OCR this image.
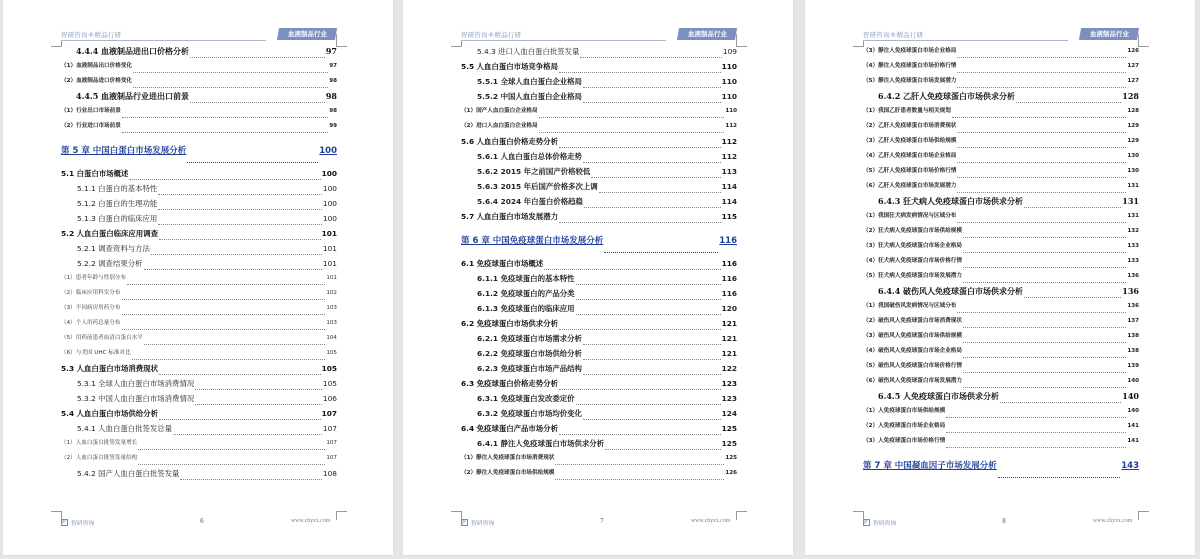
智研咨询®精品行研	血液制品行业
4.4.4 血液制品进出口价格分析	97
（1）血液制品出口价格变化	97
（2）血液制品进口价格变化	98
4.4.5 血液制品行业进出口前景	98
（1）行业出口市场前景	98
（2）行业进口市场前景	99
第 5 章 中国白蛋白市场发展分析	100
5.1 白蛋白市场概述	100
5.1.1 白蛋白的基本特性	100
5.1.2 白蛋白的生理功能	100
5.1.3 白蛋白的临床应用	100
5.2 人血白蛋白临床应用调查	101
5.2.1 调查资料与方法	101
5.2.2 调查结果分析	101
（1）患者年龄与性别分布	101
（2）临床应用科室分布	102
（3）不同病房用药分布	103
（4）个人用药总量分布	103
（5）用药前患者血清白蛋白水平	104
（6）与美国 UHC 标准对比	105
5.3 人血白蛋白市场消费现状	105
5.3.1 全球人血白蛋白市场消费情况	105
5.3.2 中国人血白蛋白市场消费情况	106
5.4 人血白蛋白市场供给分析	107
5.4.1 人血白蛋白批签发总量	107
（1）人血白蛋白批签发量增长	107
（2）人血白蛋白批签发量结构	107
5.4.2 国产人血白蛋白批签发量	108
智研咨询	6	www.chyxx.com
智研咨询®精品行研	血液制品行业
5.4.3 进口人血白蛋白批签发量	109
5.5 人血白蛋白市场竞争格局	110
5.5.1 全球人血白蛋白企业格局	110
5.5.2 中国人血白蛋白企业格局	110
（1）国产人血白蛋白企业格局	110
（2）进口人血白蛋白企业格局	112
5.6 人血白蛋白价格走势分析	112
5.6.1 人血白蛋白总体价格走势	112
5.6.2 2015 年之前国产价格较低	113
5.6.3 2015 年后国产价格多次上调	114
5.6.4 2024 年白蛋白价格趋稳	114
5.7 人血白蛋白市场发展潜力	115
第 6 章 中国免疫球蛋白市场发展分析	116
6.1 免疫球蛋白市场概述	116
6.1.1 免疫球蛋白的基本特性	116
6.1.2 免疫球蛋白的产品分类	116
6.1.3 免疫球蛋白的临床应用	120
6.2 免疫球蛋白市场供求分析	121
6.2.1 免疫球蛋白市场需求分析	121
6.2.2 免疫球蛋白市场供给分析	121
6.2.3 免疫球蛋白市场产品结构	122
6.3 免疫球蛋白价格走势分析	123
6.3.1 免疫球蛋白发改委定价	123
6.3.2 免疫球蛋白市场均价变化	124
6.4 免疫球蛋白产品市场分析	125
6.4.1 静注人免疫球蛋白市场供求分析	125
（1）静注人免疫球蛋白市场消费现状	125
（2）静注人免疫球蛋白市场供给规模	126
智研咨询	7	www.chyxx.com
智研咨询®精品行研	血液制品行业
（3）静注人免疫球蛋白市场企业格局	126
（4）静注人免疫球蛋白市场价格行情	127
（5）静注人免疫球蛋白市场发展潜力	127
6.4.2 乙肝人免疫球蛋白市场供求分析	128
（1）我国乙肝患者数量与相关规划	128
（2）乙肝人免疫球蛋白市场消费现状	129
（3）乙肝人免疫球蛋白市场供给规模	129
（4）乙肝人免疫球蛋白市场企业格局	130
（5）乙肝人免疫球蛋白市场价格行情	130
（6）乙肝人免疫球蛋白市场发展潜力	131
6.4.3 狂犬病人免疫球蛋白市场供求分析	131
（1）我国狂犬病发病情况与区域分布	131
（2）狂犬病人免疫球蛋白市场供给规模	132
（3）狂犬病人免疫球蛋白市场企业格局	133
（4）狂犬病人免疫球蛋白市场价格行情	133
（5）狂犬病人免疫球蛋白市场发展潜力	136
6.4.4 破伤风人免疫球蛋白市场供求分析	136
（1）我国破伤风发病情况与区域分布	136
（2）破伤风人免疫球蛋白市场消费现状	137
（3）破伤风人免疫球蛋白市场供给规模	138
（4）破伤风人免疫球蛋白市场企业格局	138
（5）破伤风人免疫球蛋白市场价格行情	139
（6）破伤风人免疫球蛋白市场发展潜力	140
6.4.5 人免疫球蛋白市场供求分析	140
（1）人免疫球蛋白市场供给规模	140
（2）人免疫球蛋白市场企业格局	141
（3）人免疫球蛋白市场价格行情	141
第 7 章 中国凝血因子市场发展分析	143
智研咨询	8	www.chyxx.com
